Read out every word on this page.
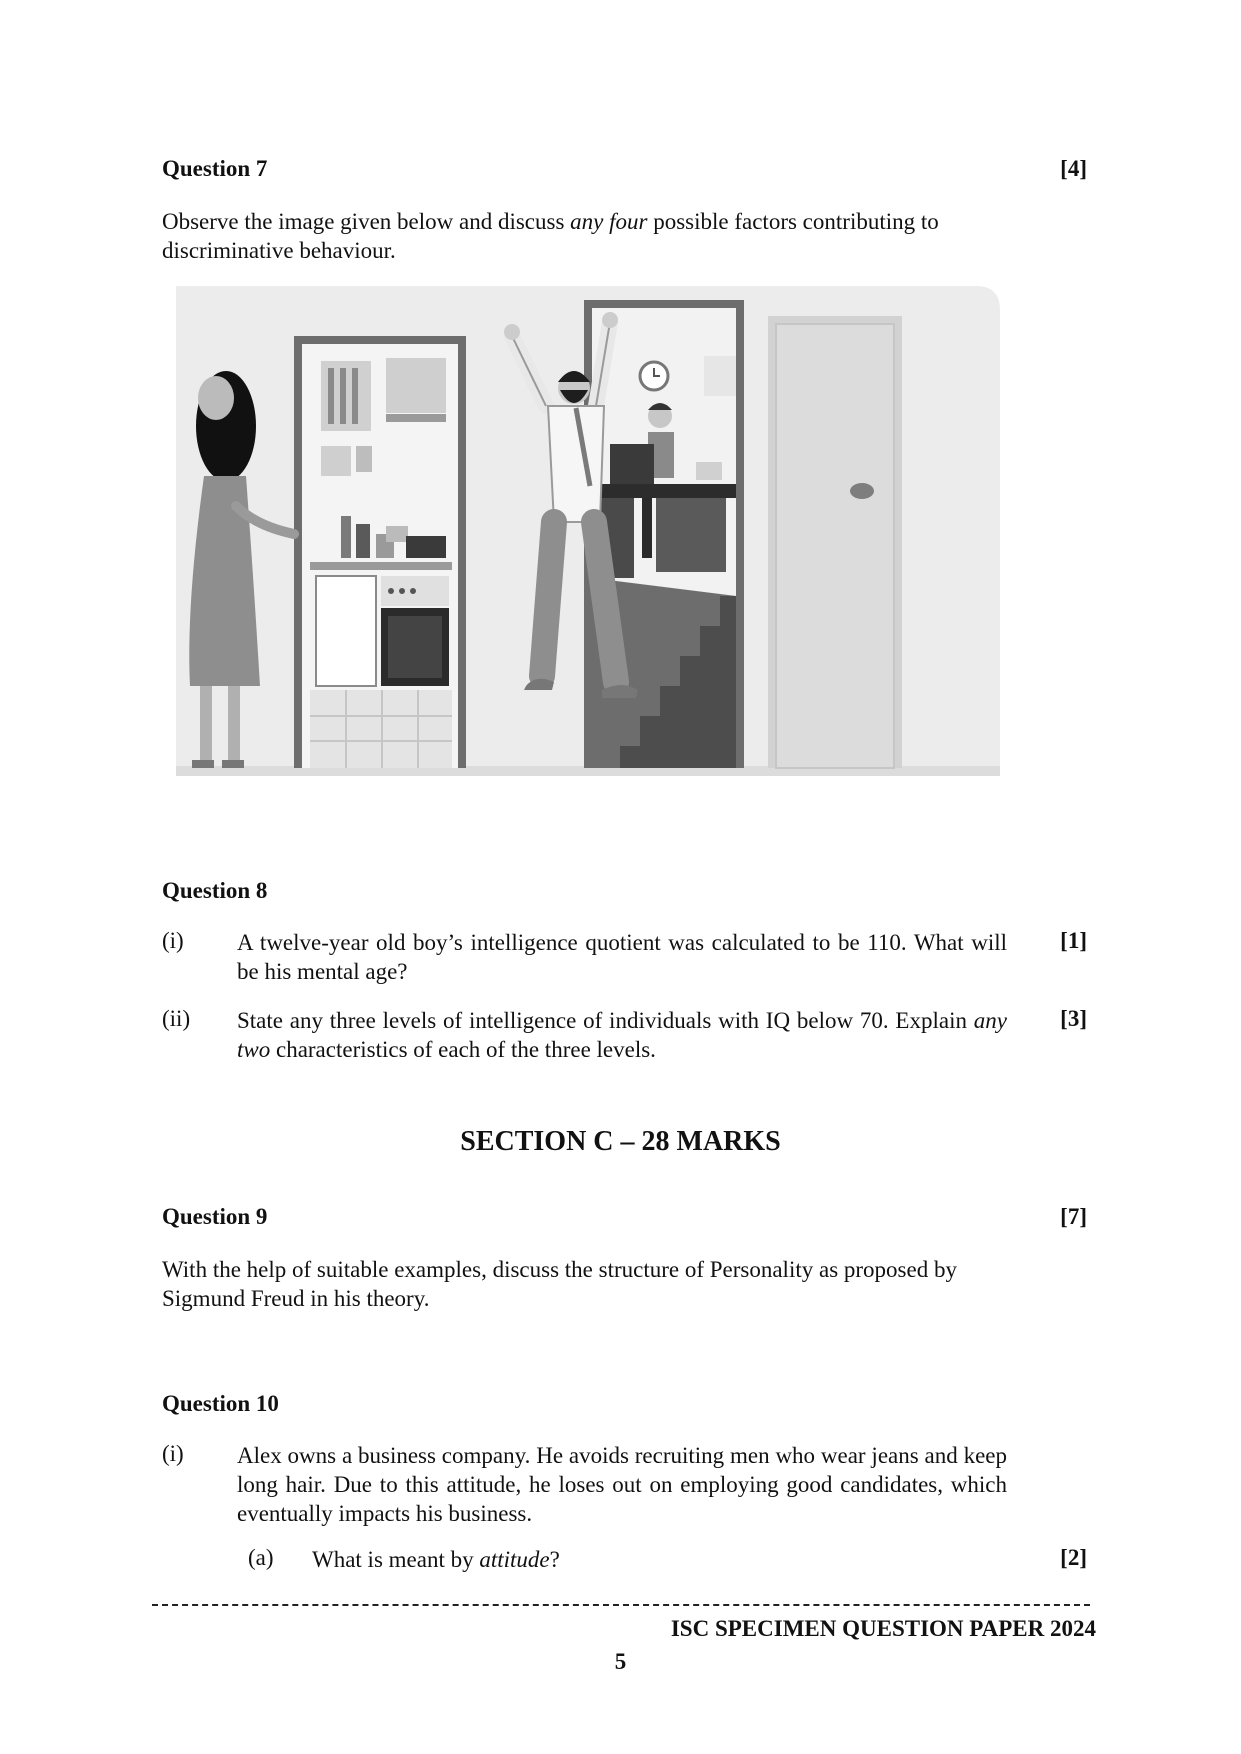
Question 7	[4]
Observe the image given below and discuss any four possible factors contributing to discriminative behaviour.
Question 8
(i) A twelve-year old boy’s intelligence quotient was calculated to be 110. What will be his mental age?
[1]
(ii) State any three levels of intelligence of individuals with IQ below 70. Explain any two characteristics of each of the three levels.
[3]
SECTION C – 28 MARKS
Question 9	[7]
With the help of suitable examples, discuss the structure of Personality as proposed by Sigmund Freud in his theory.
Question 10
(i) Alex owns a business company. He avoids recruiting men who wear jeans and keep long hair. Due to this attitude, he loses out on employing good candidates, which eventually impacts his business.
(a) What is meant by attitude?	[2]
ISC SPECIMEN QUESTION PAPER 2024
5
